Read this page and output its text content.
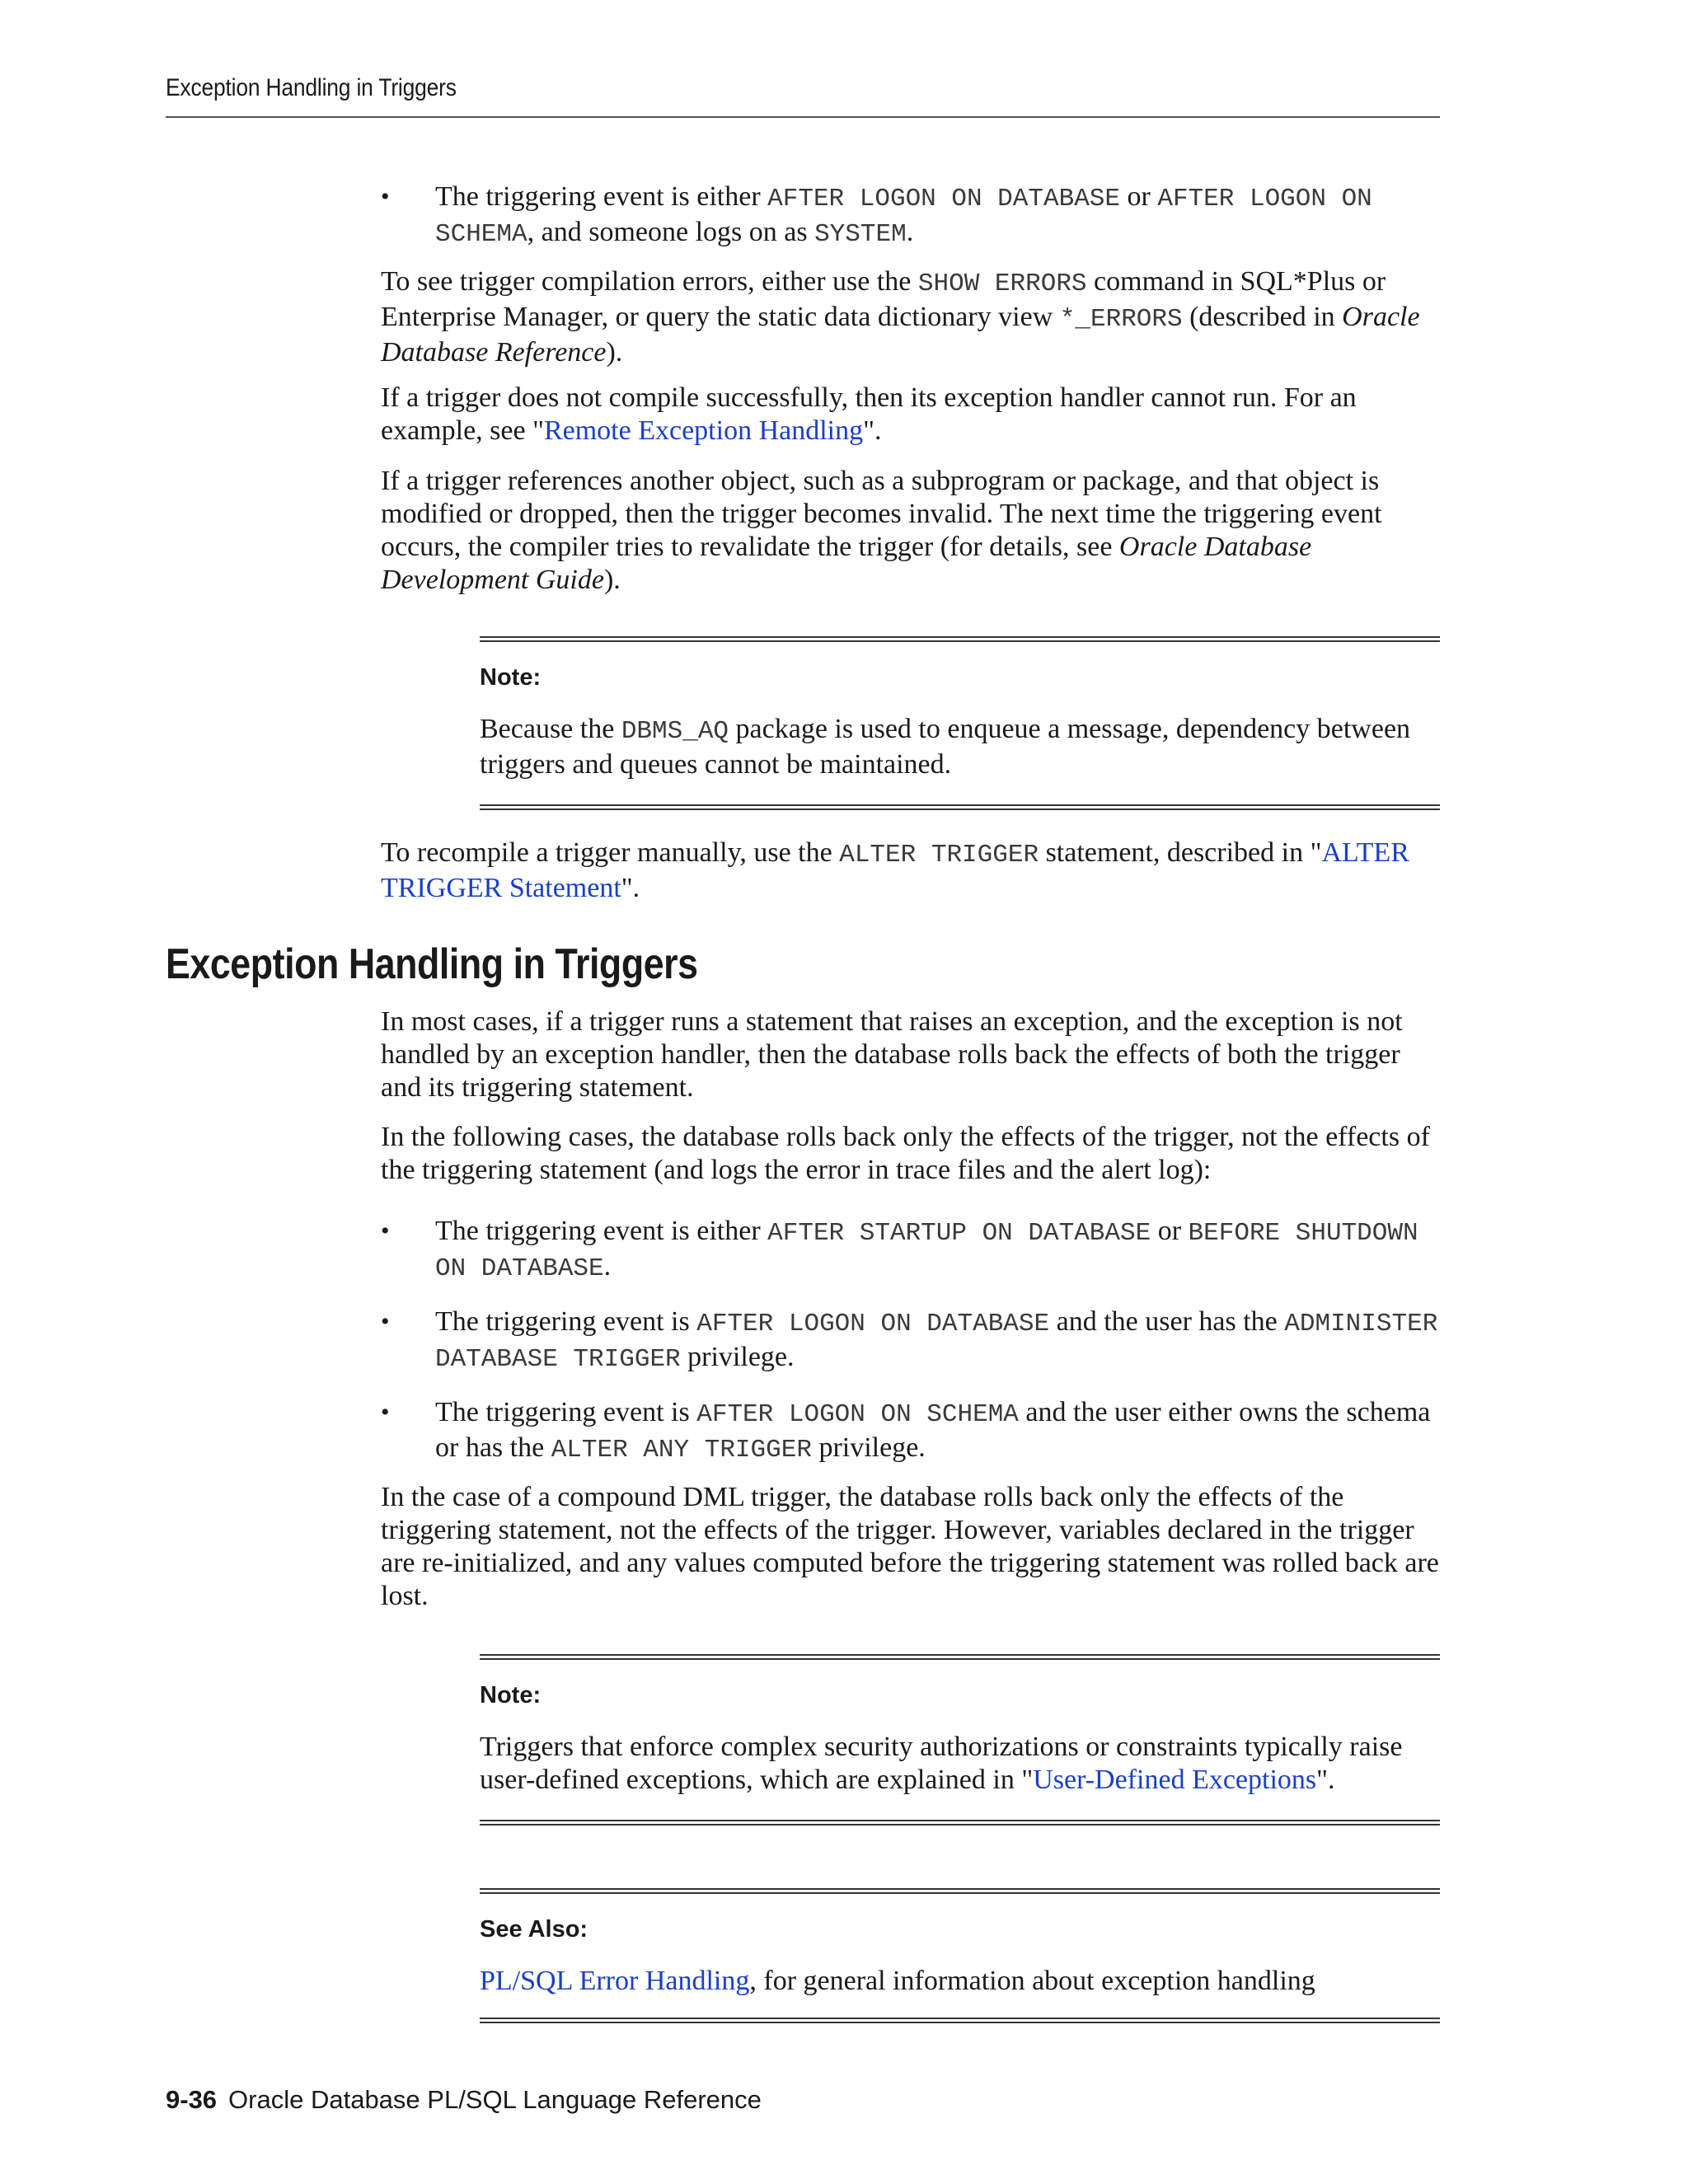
Exception Handling in Triggers
• The triggering event is either AFTER LOGON ON DATABASE or AFTER LOGON ON
SCHEMA, and someone logs on as SYSTEM.

To see trigger compilation errors, either use the SHOW ERRORS command in SQL*Plus or Enterprise Manager, or query the static data dictionary view *_ERRORS (described in Oracle Database Reference).

If a trigger does not compile successfully, then its exception handler cannot run. For an example, see "Remote Exception Handling".

If a trigger references another object, such as a subprogram or package, and that object is modified or dropped, then the trigger becomes invalid. The next time the triggering event occurs, the compiler tries to revalidate the trigger (for details, see Oracle Database Development Guide).

Note:
Because the DBMS_AQ package is used to enqueue a message, dependency between triggers and queues cannot be maintained.

To recompile a trigger manually, use the ALTER TRIGGER statement, described in "ALTER TRIGGER Statement".

Exception Handling in Triggers
In most cases, if a trigger runs a statement that raises an exception, and the exception is not handled by an exception handler, then the database rolls back the effects of both the trigger and its triggering statement.
In the following cases, the database rolls back only the effects of the trigger, not the effects of the triggering statement (and logs the error in trace files and the alert log):
• The triggering event is either AFTER STARTUP ON DATABASE or BEFORE SHUTDOWN ON DATABASE.
• The triggering event is AFTER LOGON ON DATABASE and the user has the ADMINISTER DATABASE TRIGGER privilege.
• The triggering event is AFTER LOGON ON SCHEMA and the user either owns the schema or has the ALTER ANY TRIGGER privilege.
In the case of a compound DML trigger, the database rolls back only the effects of the triggering statement, not the effects of the trigger. However, variables declared in the trigger are re-initialized, and any values computed before the triggering statement was rolled back are lost.
Note:
Triggers that enforce complex security authorizations or constraints typically raise user-defined exceptions, which are explained in "User-Defined Exceptions".
See Also:
PL/SQL Error Handling, for general information about exception handling
9-36 Oracle Database PL/SQL Language Reference
